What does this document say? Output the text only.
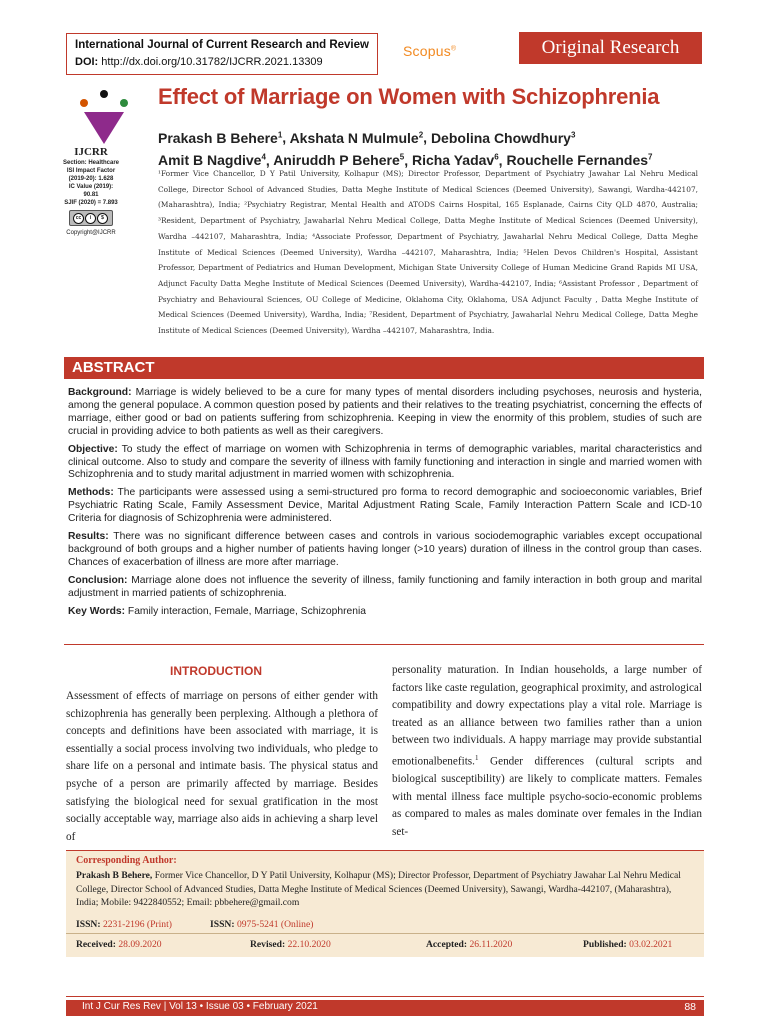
International Journal of Current Research and Review
DOI: http://dx.doi.org/10.31782/IJCRR.2021.13309
Scopus®	Original Research
IJCRR
Section: Healthcare
ISI Impact Factor (2019-20): 1.628
IC Value (2019): 90.81
SJIF (2020) = 7.893
cc	i	$
Copyright@IJCRR
Effect of Marriage on Women with Schizophrenia
Prakash B Behere$^1$, Akshata N Mulmule$^2$, Debolina Chowdhury$^3$
Amit B Nagdive$^4$, Aniruddh P Behere$^5$, Richa Yadav$^6$, Rouchelle Fernandes$^7$
¹Former Vice Chancellor, D Y Patil University, Kolhapur (MS); Director Professor, Department of Psychiatry Jawahar Lal Nehru Medical College, Director School of Advanced Studies, Datta Meghe Institute of Medical Sciences (Deemed University), Sawangi, Wardha-442107, (Maharashtra), India; ²Psychiatry Registrar, Mental Health and ATODS Cairns Hospital, 165 Esplanade, Cairns City QLD 4870, Australia; ³Resident, Department of Psychiatry, Jawaharlal Nehru Medical College, Datta Meghe Institute of Medical Sciences (Deemed University), Wardha –442107, Maharashtra, India; ⁴Associate Professor, Department of Psychiatry, Jawaharlal Nehru Medical College, Datta Meghe Institute of Medical Sciences (Deemed University), Wardha –442107, Maharashtra, India; ⁵Helen Devos Children's Hospital, Assistant Professor, Department of Pediatrics and Human Development, Michigan State University College of Human Medicine Grand Rapids MI USA, Adjunct Faculty Datta Meghe Institute of Medical Sciences (Deemed University), Wardha-442107, India; ⁶Assistant Professor , Department of Psychiatry and Behavioural Sciences, OU College of Medicine, Oklahoma City, Oklahoma, USA Adjunct Faculty , Datta Meghe Institute of Medical Sciences (Deemed University), Wardha, India; ⁷Resident, Department of Psychiatry, Jawaharlal Nehru Medical College, Datta Meghe Institute of Medical Sciences (Deemed University), Wardha –442107, Maharashtra, India.
ABSTRACT

Background: Marriage is widely believed to be a cure for many types of mental disorders including psychoses, neurosis and hysteria, among the general populace. A common question posed by patients and their relatives to the treating psychiatrist, concerning the effects of marriage, either good or bad on patients suffering from schizophrenia. Keeping in view the enormity of this problem, studies of such are crucial in providing advice to both patients as well as their caregivers.

Objective: To study the effect of marriage on women with Schizophrenia in terms of demographic variables, marital characteristics and clinical outcome. Also to study and compare the severity of illness with family functioning and interaction in single and married women with Schizophrenia and to study marital adjustment in married women with schizophrenia.

Methods: The participants were assessed using a semi-structured pro forma to record demographic and socioeconomic variables, Brief Psychiatric Rating Scale, Family Assessment Device, Marital Adjustment Rating Scale, Family Interaction Pattern Scale and ICD-10 Criteria for diagnosis of Schizophrenia were administered.

Results: There was no significant difference between cases and controls in various sociodemographic variables except occupational background of both groups and a higher number of patients having longer (>10 years) duration of illness in the control group than cases. Chances of exacerbation of illness are more after marriage.

Conclusion: Marriage alone does not influence the severity of illness, family functioning and family interaction in both group and marital adjustment in married patients of schizophrenia.

Key Words: Family interaction, Female, Marriage, Schizophrenia

INTRODUCTION
Assessment of effects of marriage on persons of either gender with schizophrenia has generally been perplexing. Although a plethora of concepts and definitions have been associated with marriage, it is essentially a social process involving two individuals, who pledge to share life on a personal and intimate basis. The physical status and psyche of a person are primarily affected by marriage. Besides satisfying the biological need for sexual gratification in the most socially acceptable way, marriage also aids in achieving a sharp level of
personality maturation. In Indian households, a large number of factors like caste regulation, geographical proximity, and astrological compatibility and dowry expectations play a vital role. Marriage is treated as an alliance between two families rather than a union between two individuals. A happy marriage may provide substantial emotionalbenefits.$^1$ Gender differences (cultural scripts and biological susceptibility) are likely to complicate matters. Females with mental illness face multiple psycho-socio-economic problems as compared to males as males dominate over females in the Indian set-
Corresponding Author:
Prakash B Behere, Former Vice Chancellor, D Y Patil University, Kolhapur (MS); Director Professor, Department of Psychiatry Jawahar Lal Nehru Medical College, Director School of Advanced Studies, Datta Meghe Institute of Medical Sciences (Deemed University), Sawangi, Wardha-442107, (Maharashtra), India; Mobile: 9422840552; Email: pbbehere@gmail.com
ISSN: 2231-2196 (Print)	ISSN: 0975-5241 (Online)
Received: 28.09.2020	Revised: 22.10.2020	Accepted: 26.11.2020	Published: 03.02.2021
Int J Cur Res Rev | Vol 13 • Issue 03 • February 2021	88
